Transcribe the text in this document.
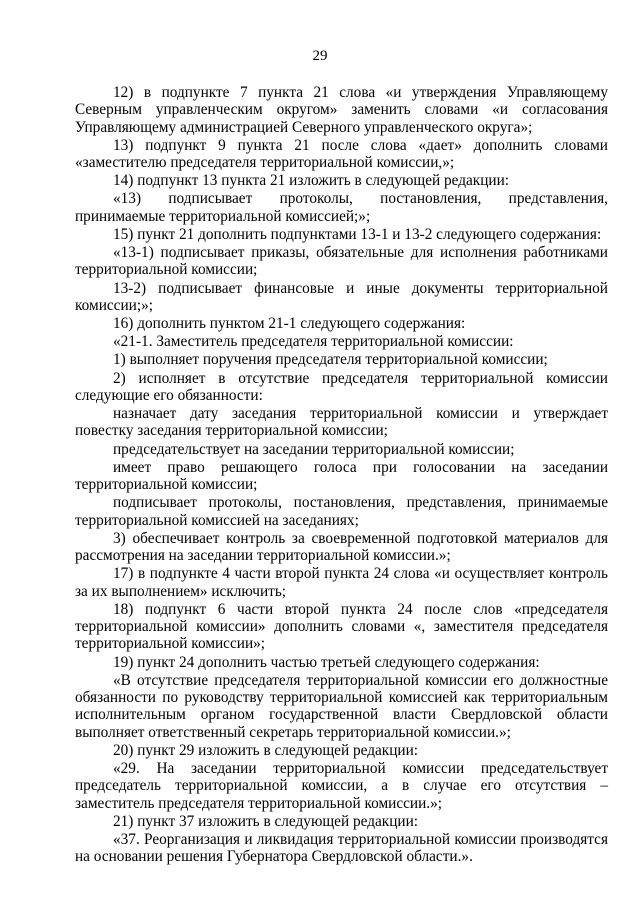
29

12) в подпункте 7 пункта 21 слова «и утверждения Управляющему Северным управленческим округом» заменить словами «и согласования Управляющему администрацией Северного управленческого округа»;

13) подпункт 9 пункта 21 после слова «дает» дополнить словами «заместителю председателя территориальной комиссии,»;

14) подпункт 13 пункта 21 изложить в следующей редакции:

«13) подписывает протоколы, постановления, представления, принимаемые территориальной комиссией;»;

15) пункт 21 дополнить подпунктами 13-1 и 13-2 следующего содержания:

«13-1) подписывает приказы, обязательные для исполнения работниками территориальной комиссии;

13-2) подписывает финансовые и иные документы территориальной комиссии;»;

16) дополнить пунктом 21-1 следующего содержания:

«21-1. Заместитель председателя территориальной комиссии:

1) выполняет поручения председателя территориальной комиссии;

2) исполняет в отсутствие председателя территориальной комиссии следующие его обязанности:

назначает дату заседания территориальной комиссии и утверждает повестку заседания территориальной комиссии;

председательствует на заседании территориальной комиссии;

имеет право решающего голоса при голосовании на заседании территориальной комиссии;

подписывает протоколы, постановления, представления, принимаемые территориальной комиссией на заседаниях;

3) обеспечивает контроль за своевременной подготовкой материалов для рассмотрения на заседании территориальной комиссии.»;

17) в подпункте 4 части второй пункта 24 слова «и осуществляет контроль за их выполнением» исключить;

18) подпункт 6 части второй пункта 24 после слов «председателя территориальной комиссии» дополнить словами «, заместителя председателя территориальной комиссии»;

19) пункт 24 дополнить частью третьей следующего содержания:

«В отсутствие председателя территориальной комиссии его должностные обязанности по руководству территориальной комиссией как территориальным исполнительным органом государственной власти Свердловской области выполняет ответственный секретарь территориальной комиссии.»;

20) пункт 29 изложить в следующей редакции:

«29. На заседании территориальной комиссии председательствует председатель территориальной комиссии, а в случае его отсутствия – заместитель председателя территориальной комиссии.»;

21) пункт 37 изложить в следующей редакции:

«37. Реорганизация и ликвидация территориальной комиссии производятся на основании решения Губернатора Свердловской области.».
